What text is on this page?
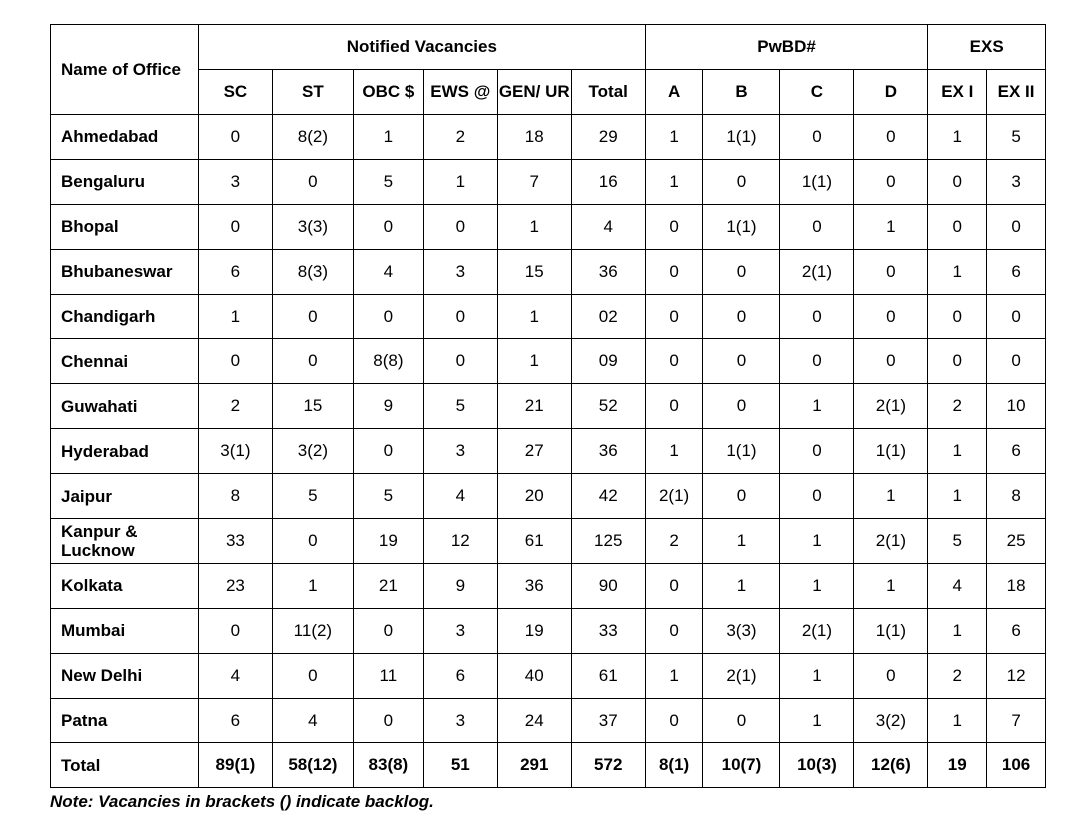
Name of Office	Notified Vacancies						PwBD#				EXS	
	SC	ST	OBC $	EWS @	GEN/ UR	Total	A	B	C	D	EX I	EX II
Ahmedabad	0	8(2)	1	2	18	29	1	1(1)	0	0	1	5
Bengaluru	3	0	5	1	7	16	1	0	1(1)	0	0	3
Bhopal	0	3(3)	0	0	1	4	0	1(1)	0	1	0	0
Bhubaneswar	6	8(3)	4	3	15	36	0	0	2(1)	0	1	6
Chandigarh	1	0	0	0	1	02	0	0	0	0	0	0
Chennai	0	0	8(8)	0	1	09	0	0	0	0	0	0
Guwahati	2	15	9	5	21	52	0	0	1	2(1)	2	10
Hyderabad	3(1)	3(2)	0	3	27	36	1	1(1)	0	1(1)	1	6
Jaipur	8	5	5	4	20	42	2(1)	0	0	1	1	8
Kanpur & Lucknow	33	0	19	12	61	125	2	1	1	2(1)	5	25
Kolkata	23	1	21	9	36	90	0	1	1	1	4	18
Mumbai	0	11(2)	0	3	19	33	0	3(3)	2(1)	1(1)	1	6
New Delhi	4	0	11	6	40	61	1	2(1)	1	0	2	12
Patna	6	4	0	3	24	37	0	0	1	3(2)	1	7
Total	89(1)	58(12)	83(8)	51	291	572	8(1)	10(7)	10(3)	12(6)	19	106
Note: Vacancies in brackets () indicate backlog.
